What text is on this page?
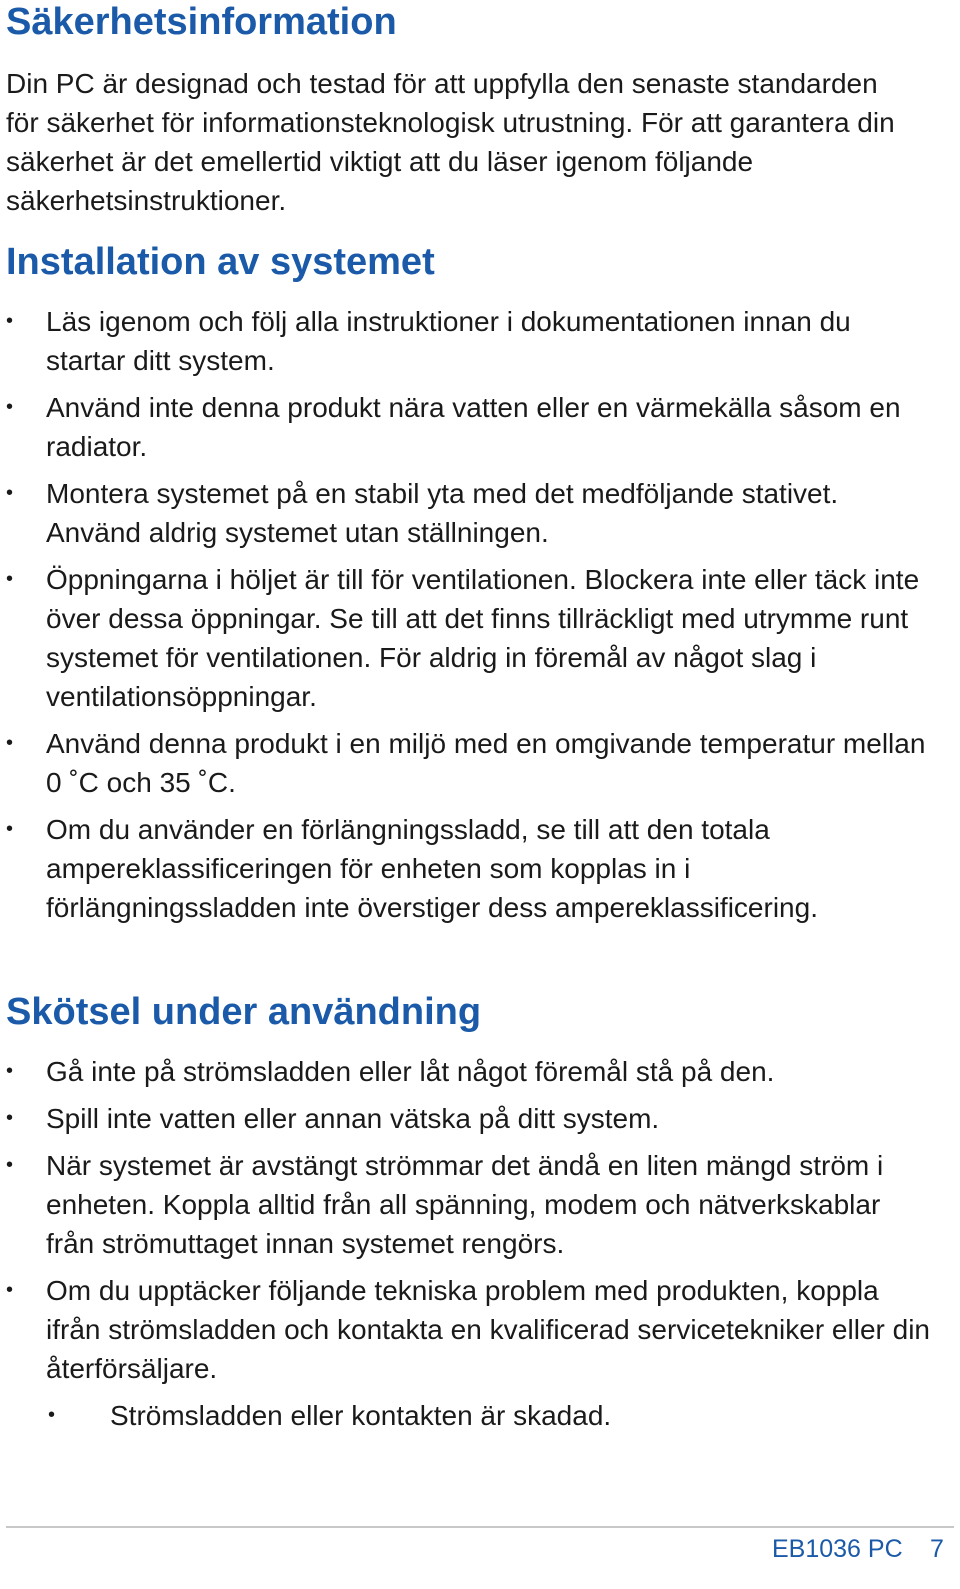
Säkerhetsinformation

Din PC är designad och testad för att uppfylla den senaste standarden för säkerhet för informationsteknologisk utrustning. För att garantera din säkerhet är det emellertid viktigt att du läser igenom följande säkerhetsinstruktioner.

Installation av systemet
• Läs igenom och följ alla instruktioner i dokumentationen innan du startar ditt system.
• Använd inte denna produkt nära vatten eller en värmekälla såsom en radiator.
• Montera systemet på en stabil yta med det medföljande stativet. Använd aldrig systemet utan ställningen.
• Öppningarna i höljet är till för ventilationen. Blockera inte eller täck inte över dessa öppningar. Se till att det finns tillräckligt med utrymme runt systemet för ventilationen. För aldrig in föremål av något slag i ventilationsöppningar.
• Använd denna produkt i en miljö med en omgivande temperatur mellan 0 ˚C och 35 ˚C.
• Om du använder en förlängningssladd, se till att den totala ampereklassificeringen för enheten som kopplas in i förlängningssladden inte överstiger dess ampereklassificering.
Skötsel under användning
• Gå inte på strömsladden eller låt något föremål stå på den.
• Spill inte vatten eller annan vätska på ditt system.
• När systemet är avstängt strömmar det ändå en liten mängd ström i enheten. Koppla alltid från all spänning, modem och nätverkskablar från strömuttaget innan systemet rengörs.
• Om du upptäcker följande tekniska problem med produkten, koppla ifrån strömsladden och kontakta en kvalificerad servicetekniker eller din återförsäljare.
• Strömsladden eller kontakten är skadad.
EB1036 PC 7
